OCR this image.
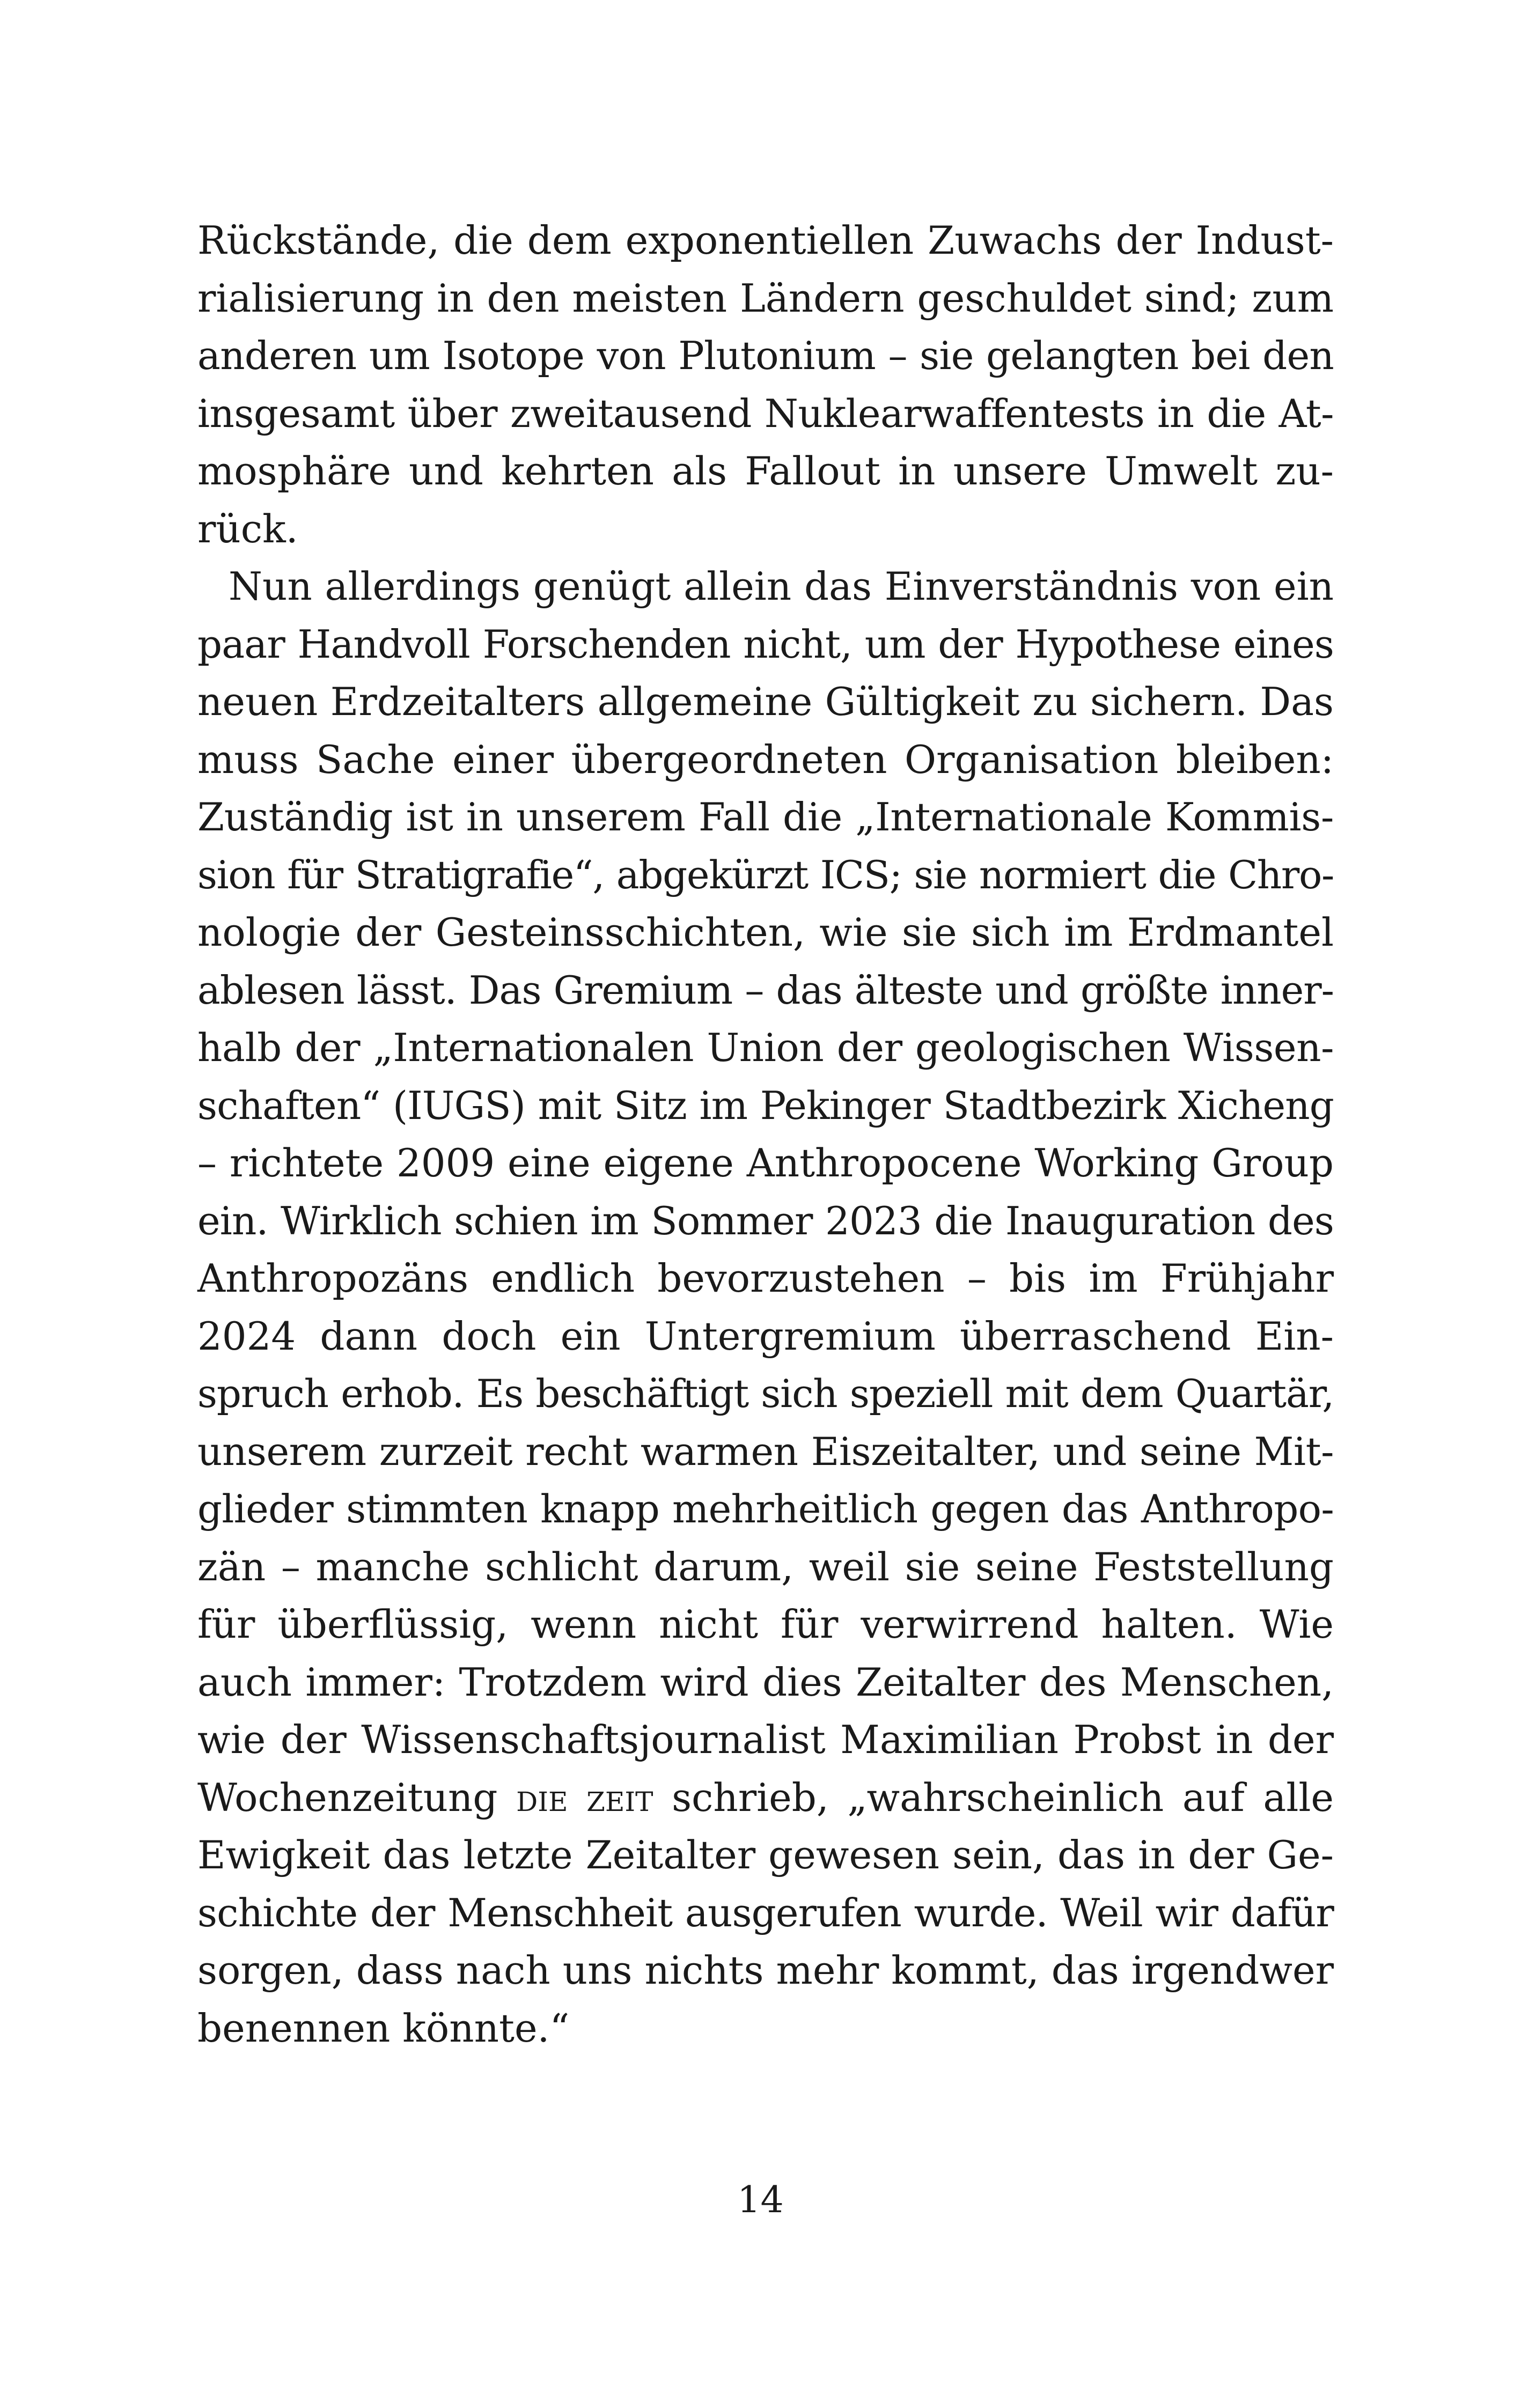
Rückstände, die dem exponentiellen Zuwachs der Indust-
rialisierung in den meisten Ländern geschuldet sind; zum
anderen um Isotope von Plutonium – sie gelangten bei den
insgesamt über zweitausend Nuklearwaffentests in die At-
mosphäre und kehrten als Fallout in unsere Umwelt zu-
rück.
Nun allerdings genügt allein das Einverständnis von ein
paar Handvoll Forschenden nicht, um der Hypothese eines
neuen Erdzeitalters allgemeine Gültigkeit zu sichern. Das
muss Sache einer übergeordneten Organisation bleiben:
Zuständig ist in unserem Fall die „Internationale Kommis-
sion für Stratigrafie“, abgekürzt ICS; sie normiert die Chro-
nologie der Gesteinsschichten, wie sie sich im Erdmantel
ablesen lässt. Das Gremium – das älteste und größte inner-
halb der „Internationalen Union der geologischen Wissen-
schaften“ (IUGS) mit Sitz im Pekinger Stadtbezirk Xicheng
– richtete 2009 eine eigene Anthropocene Working Group
ein. Wirklich schien im Sommer 2023 die Inauguration des
Anthropozäns endlich bevorzustehen – bis im Frühjahr
2024 dann doch ein Untergremium überraschend Ein-
spruch erhob. Es beschäftigt sich speziell mit dem Quartär,
unserem zurzeit recht warmen Eiszeitalter, und seine Mit-
glieder stimmten knapp mehrheitlich gegen das Anthropo-
zän – manche schlicht darum, weil sie seine Feststellung
für überflüssig, wenn nicht für verwirrend halten. Wie
auch immer: Trotzdem wird dies Zeitalter des Menschen,
wie der Wissenschaftsjournalist Maximilian Probst in der
Wochenzeitung die zeit schrieb, „wahrscheinlich auf alle
Ewigkeit das letzte Zeitalter gewesen sein, das in der Ge-
schichte der Menschheit ausgerufen wurde. Weil wir dafür
sorgen, dass nach uns nichts mehr kommt, das irgendwer
benennen könnte.“
14
